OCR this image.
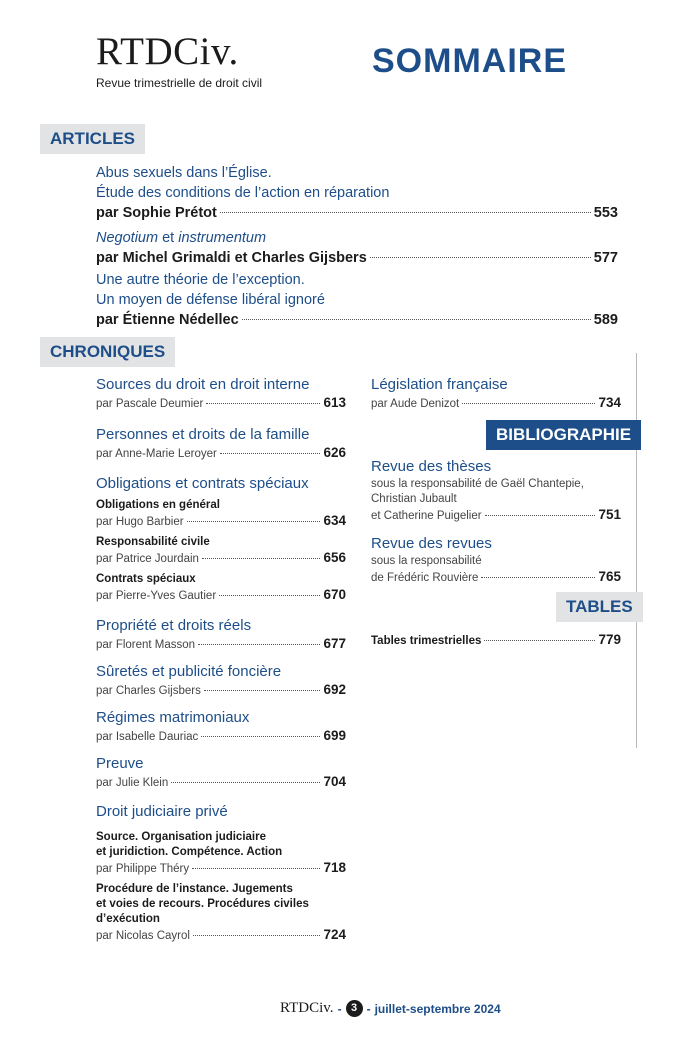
RTDCiv.
Revue trimestrielle de droit civil
SOMMAIRE
ARTICLES
Abus sexuels dans l’Église.
Étude des conditions de l’action en réparation
par Sophie Prétot	553
Negotium et instrumentum
par Michel Grimaldi et Charles Gijsbers	577
Une autre théorie de l’exception.
Un moyen de défense libéral ignoré
par Étienne Nédellec	589
CHRONIQUES
Sources du droit en droit interne
par Pascale Deumier	613
Personnes et droits de la famille
par Anne-Marie Leroyer	626
Obligations et contrats spéciaux
Obligations en général
par Hugo Barbier	634
Responsabilité civile
par Patrice Jourdain	656
Contrats spéciaux
par Pierre-Yves Gautier	670
Propriété et droits réels
par Florent Masson	677
Sûretés et publicité foncière
par Charles Gijsbers	692
Régimes matrimoniaux
par Isabelle Dauriac	699
Preuve
par Julie Klein	704
Droit judiciaire privé
Source. Organisation judiciaire
et juridiction. Compétence. Action
par Philippe Théry	718
Procédure de l’instance. Jugements
et voies de recours. Procédures civiles
d’exécution
par Nicolas Cayrol	724
Législation française
par Aude Denizot	734
BIBLIOGRAPHIE
Revue des thèses
sous la responsabilité de Gaël Chantepie,
Christian Jubault
et Catherine Puigelier	751
Revue des revues
sous la responsabilité
de Frédéric Rouvière	765
TABLES
Tables trimestrielles	779
RTDCiv. - 3 - juillet-septembre 2024
